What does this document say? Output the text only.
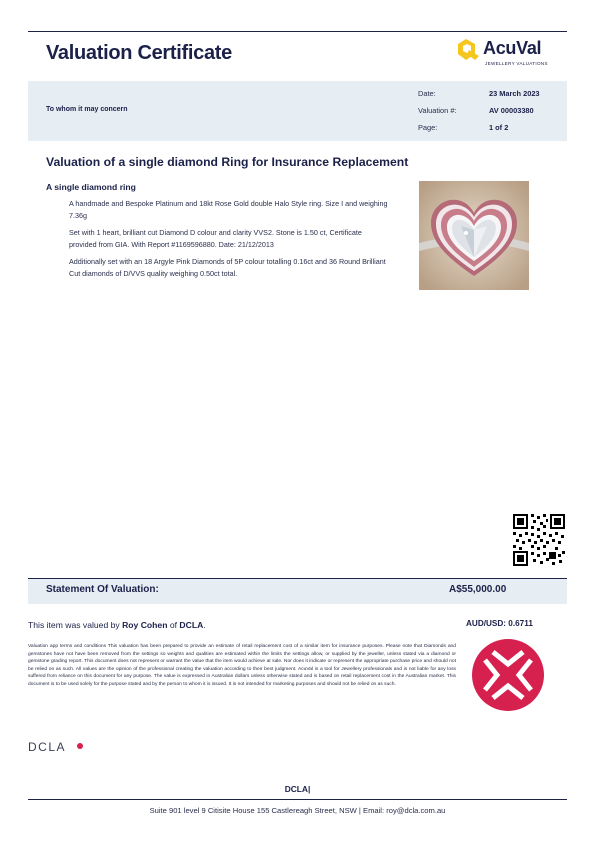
Valuation Certificate	AcuVal
JEWELLERY VALUATIONS
To whom it may concern
Date:	23 March 2023
Valuation #:	AV 00003380
Page:	1 of 2
Valuation of a single diamond Ring for Insurance Replacement
A single diamond ring
A handmade and Bespoke Platinum and 18kt Rose Gold double Halo Style ring. Size I and weighing 7.36g
Set with 1 heart, brilliant cut Diamond D colour and clarity VVS2. Stone is 1.50 ct, Certificate provided from GIA. With Report #1169596880. Date: 21/12/2013
Additionally set with an 18 Argyle Pink Diamonds of 5P colour totalling 0.16ct and 36 Round Brilliant Cut diamonds of D/VVS quality weighing 0.50ct total.
Statement Of Valuation:	A$55,000.00
This item was valued by Roy Cohen of DCLA.	AUD/USD: 0.6711
Valuation app terms and conditions This valuation has been prepared to provide an estimate of retail replacement cost of a similar item for insurance purposes. Please note that Diamonds and gemstones have not have been removed from the settings so weights and qualities are estimated within the limits the settings allow, or supplied by the jeweller, unless stated via a diamond or gemstone grading report. This document does not represent or warrant the value that the item would achieve at sale. Nor does it indicate or represent the appropriate purchase price and should not be relied on as such. All values are the opinion of the professional creating the valuation according to their best judgment. AcuVal is a tool for Jewellery professionals and is not liable for any loss suffered from reliance on this document for any purpose. The value is expressed in Australian dollars unless otherwise stated and is based on retail replacement cost in the Australian market. This document is to be used solely for the purpose stated and by the person to whom it is issued. It is not intended for marketing purposes and should not be relied on as such.
DCLA
DCLA|
Suite 901 level 9 Citisite House 155 Castlereagh Street, NSW | Email: roy@dcla.com.au
